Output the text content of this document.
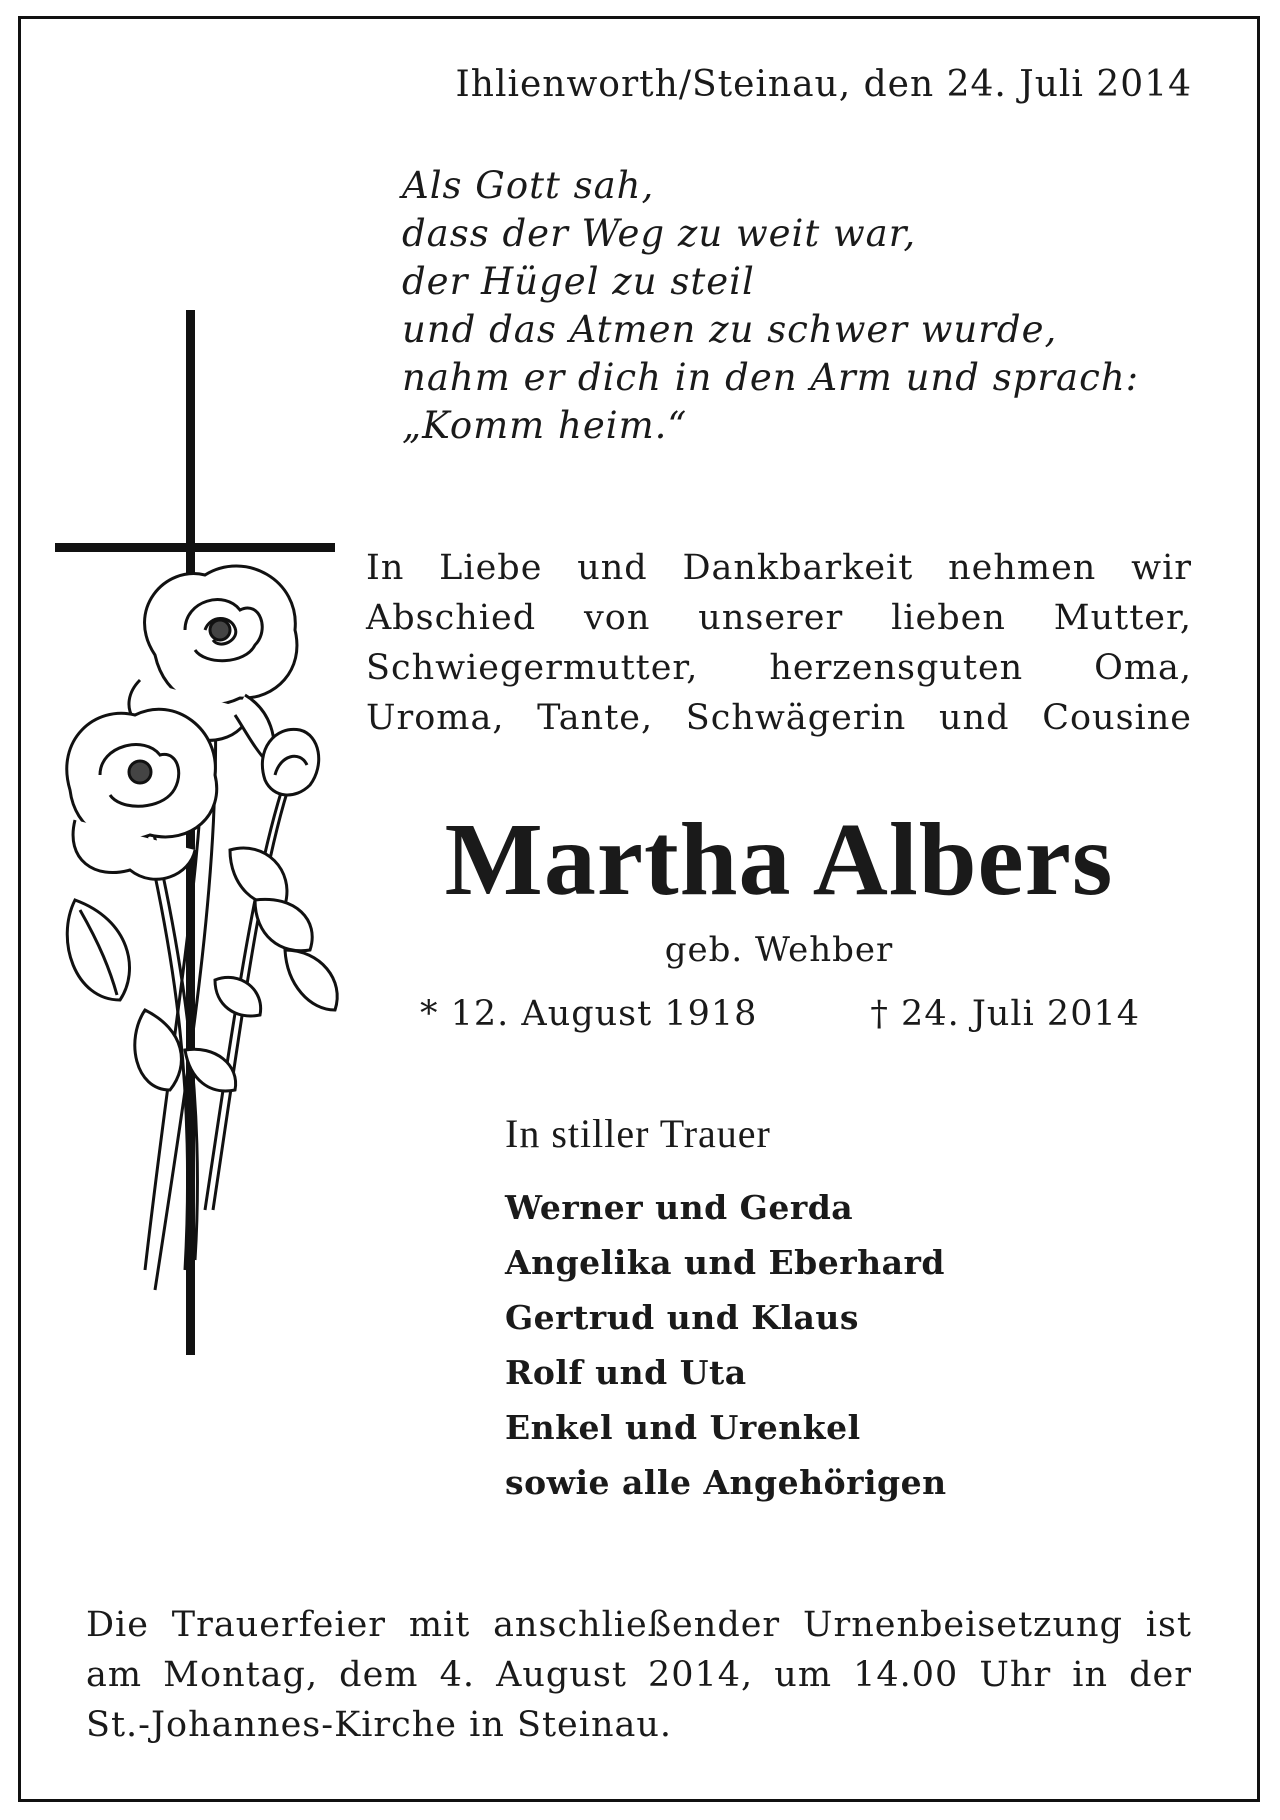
Ihlienworth/Steinau, den 24. Juli 2014
Als Gott sah,
dass der Weg zu weit war,
der Hügel zu steil
und das Atmen zu schwer wurde,
nahm er dich in den Arm und sprach:
„Komm heim.“
In Liebe und Dankbarkeit nehmen wir
Abschied von unserer lieben Mutter,
Schwiegermutter, herzensguten Oma,
Uroma, Tante, Schwägerin und Cousine
Martha Albers
geb. Wehber
* 12. August 1918	† 24. Juli 2014
In stiller Trauer
Werner und Gerda
Angelika und Eberhard
Gertrud und Klaus
Rolf und Uta
Enkel und Urenkel
sowie alle Angehörigen
Die Trauerfeier mit anschließender Urnenbeisetzung ist
am Montag, dem 4. August 2014, um 14.00 Uhr in der
St.-Johannes-Kirche in Steinau.
